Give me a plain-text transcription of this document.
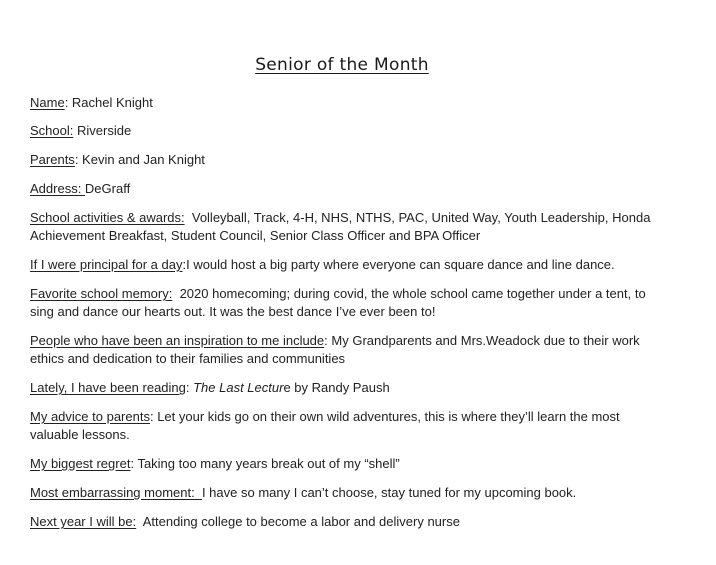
Senior of the Month

Name: Rachel Knight

School: Riverside

Parents: Kevin and Jan Knight

Address: DeGraff

School activities & awards: Volleyball, Track, 4-H, NHS, NTHS, PAC, United Way, Youth Leadership, Honda Achievement Breakfast, Student Council, Senior Class Officer and BPA Officer

If I were principal for a day:I would host a big party where everyone can square dance and line dance.

Favorite school memory: 2020 homecoming; during covid, the whole school came together under a tent, to sing and dance our hearts out. It was the best dance I’ve ever been to!

People who have been an inspiration to me include: My Grandparents and Mrs.Weadock due to their work ethics and dedication to their families and communities

Lately, I have been reading: The Last Lecture by Randy Paush

My advice to parents: Let your kids go on their own wild adventures, this is where they’ll learn the most valuable lessons.

My biggest regret: Taking too many years break out of my “shell”

Most embarrassing moment:  I have so many I can’t choose, stay tuned for my upcoming book.

Next year I will be: Attending college to become a labor and delivery nurse
